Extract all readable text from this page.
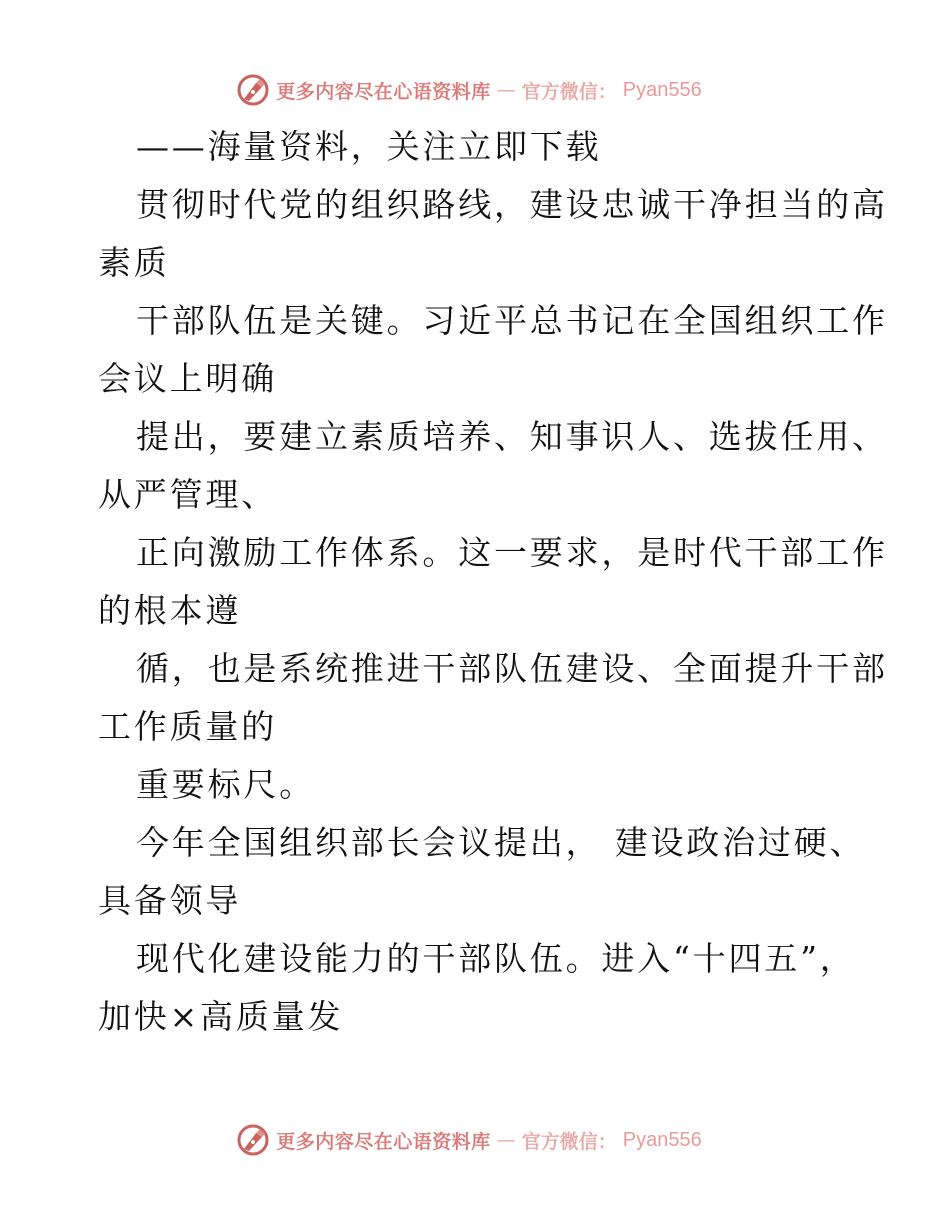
更多内容尽在心语资料库 — 官方微信： Pyan556
——海量资料，关注立即下载
贯彻时代党的组织路线，建设忠诚干净担当的高
素质
干部队伍是关键。习近平总书记在全国组织工作
会议上明确
提出，要建立素质培养、知事识人、选拔任用、
从严管理、
正向激励工作体系。这一要求，是时代干部工作
的根本遵
循，也是系统推进干部队伍建设、全面提升干部
工作质量的
重要标尺。
今年全国组织部长会议提出， 建设政治过硬、
具备领导
现代化建设能力的干部队伍。进入“十四五”，
加快×高质量发
更多内容尽在心语资料库 — 官方微信： Pyan556
